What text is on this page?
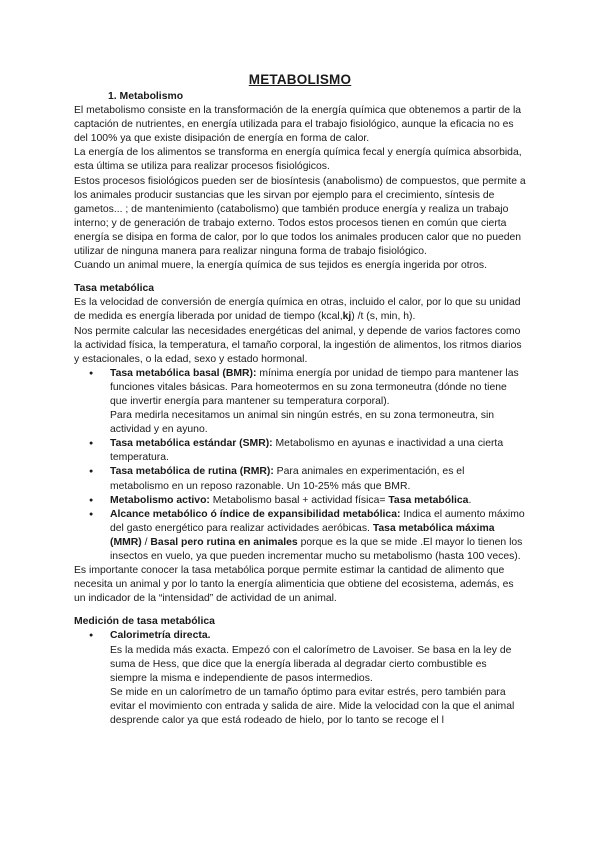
METABOLISMO

1. Metabolismo

El metabolismo consiste en la transformación de la energía química que obtenemos a partir de la captación de nutrientes, en energía utilizada para el trabajo fisiológico, aunque la eficacia no es del 100% ya que existe disipación de energía en forma de calor.

La energía de los alimentos se transforma en energía química fecal y energía química absorbida, esta última se utiliza para realizar procesos fisiológicos.

Estos procesos fisiológicos pueden ser de biosíntesis (anabolismo) de compuestos, que permite a los animales producir sustancias que les sirvan por ejemplo para el crecimiento, síntesis de gametos... ; de mantenimiento (catabolismo) que también produce energía y realiza un trabajo interno; y de generación de trabajo externo. Todos estos procesos tienen en común que cierta energía se disipa en forma de calor, por lo que todos los animales producen calor que no pueden utilizar de ninguna manera para realizar ninguna forma de trabajo fisiológico.

Cuando un animal muere, la energía química de sus tejidos es energía ingerida por otros.

Tasa metabólica

Es la velocidad de conversión de energía química en otras, incluido el calor, por lo que su unidad de medida es energía liberada por unidad de tiempo (kcal,kj) /t (s, min, h).

Nos permite calcular las necesidades energéticas del animal, y depende de varios factores como la actividad física, la temperatura, el tamaño corporal, la ingestión de alimentos, los ritmos diarios y estacionales, o la edad, sexo y estado hormonal.

● Tasa metabólica basal (BMR): mínima energía por unidad de tiempo para mantener las funciones vitales básicas. Para homeotermos en su zona termoneutra (dónde no tiene que invertir energía para mantener su temperatura corporal).
Para medirla necesitamos un animal sin ningún estrés, en su zona termoneutra, sin actividad y en ayuno.
● Tasa metabólica estándar (SMR): Metabolismo en ayunas e inactividad a una cierta temperatura.
● Tasa metabólica de rutina (RMR): Para animales en experimentación, es el metabolismo en un reposo razonable. Un 10-25% más que BMR.
● Metabolismo activo: Metabolismo basal + actividad física= Tasa metabólica.
● Alcance metabólico ó índice de expansibilidad metabólica: Indica el aumento máximo del gasto energético para realizar actividades aeróbicas. Tasa metabólica máxima (MMR) / Basal pero rutina en animales porque es la que se mide .El mayor lo tienen los insectos en vuelo, ya que pueden incrementar mucho su metabolismo (hasta 100 veces).

Es importante conocer la tasa metabólica porque permite estimar la cantidad de alimento que necesita un animal y por lo tanto la energía alimenticia que obtiene del ecosistema, además, es un indicador de la “intensidad” de actividad de un animal.

Medición de tasa metabólica

● Calorimetría directa.

Es la medida más exacta. Empezó con el calorímetro de Lavoiser. Se basa en la ley de suma de Hess, que dice que la energía liberada al degradar cierto combustible es siempre la misma e independiente de pasos intermedios.

Se mide en un calorímetro de un tamaño óptimo para evitar estrés, pero también para evitar el movimiento con entrada y salida de aire. Mide la velocidad con la que el animal desprende calor ya que está rodeado de hielo, por lo tanto se recoge el l
